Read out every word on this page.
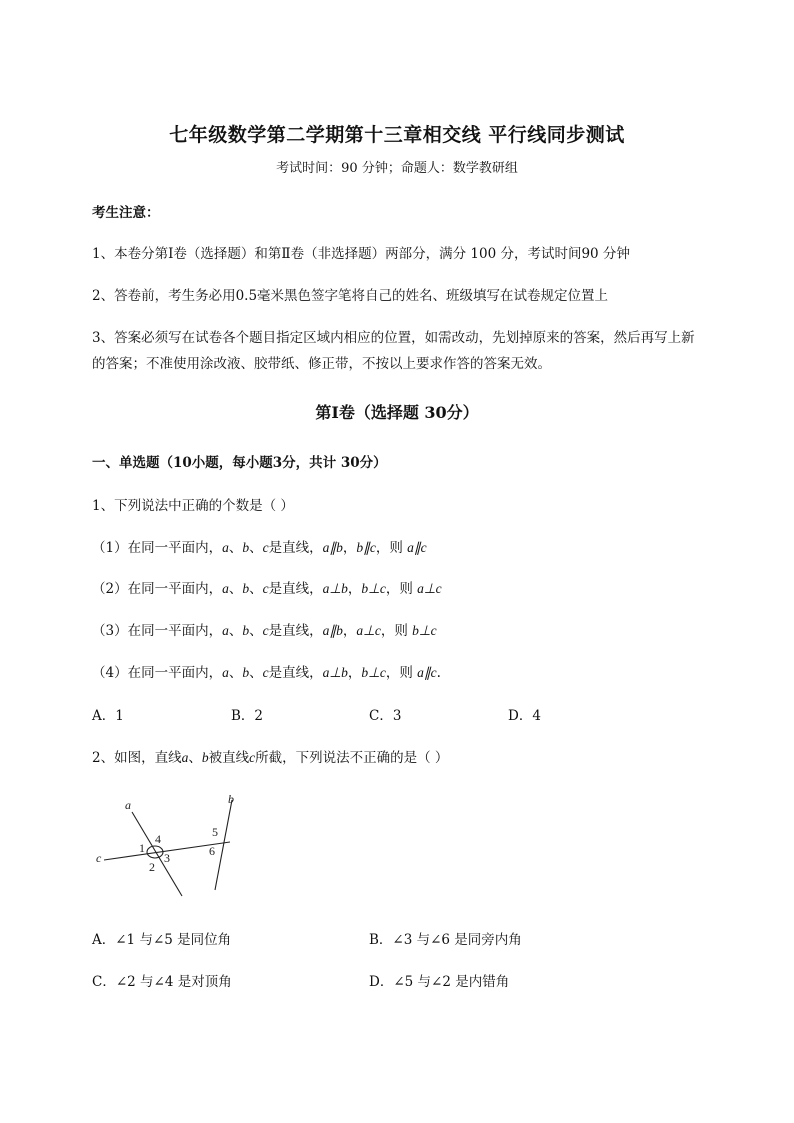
七年级数学第二学期第十三章相交线 平行线同步测试
考试时间：90 分钟；命题人：数学教研组
考生注意：
1、本卷分第Ⅰ卷（选择题）和第Ⅱ卷（非选择题）两部分，满分 100 分，考试时间90 分钟
2、答卷前，考生务必用0.5毫米黑色签字笔将自己的姓名、班级填写在试卷规定位置上
3、答案必须写在试卷各个题目指定区域内相应的位置，如需改动，先划掉原来的答案，然后再写上新
的答案；不准使用涂改液、胶带纸、修正带，不按以上要求作答的答案无效。
第Ⅰ卷（选择题 30分）
一、单选题（10小题，每小题3分，共计 30分）
1、下列说法中正确的个数是（ ）
（1）在同一平面内，a、b、c是直线，a∥b，b∥c，则 a∥c
（2）在同一平面内，a、b、c是直线，a⊥b，b⊥c，则 a⊥c
（3）在同一平面内，a、b、c是直线，a∥b，a⊥c，则 b⊥c
（4）在同一平面内，a、b、c是直线，a⊥b，b⊥c，则 a∥c.
A．1	B．2	C．3	D．4
2、如图，直线a、b被直线c所截，下列说法不正确的是（ ）
a	b
c
1
2
3
4	5
6
A．∠1 与∠5 是同位角	B．∠3 与∠6 是同旁内角
C．∠2 与∠4 是对顶角	D．∠5 与∠2 是内错角
